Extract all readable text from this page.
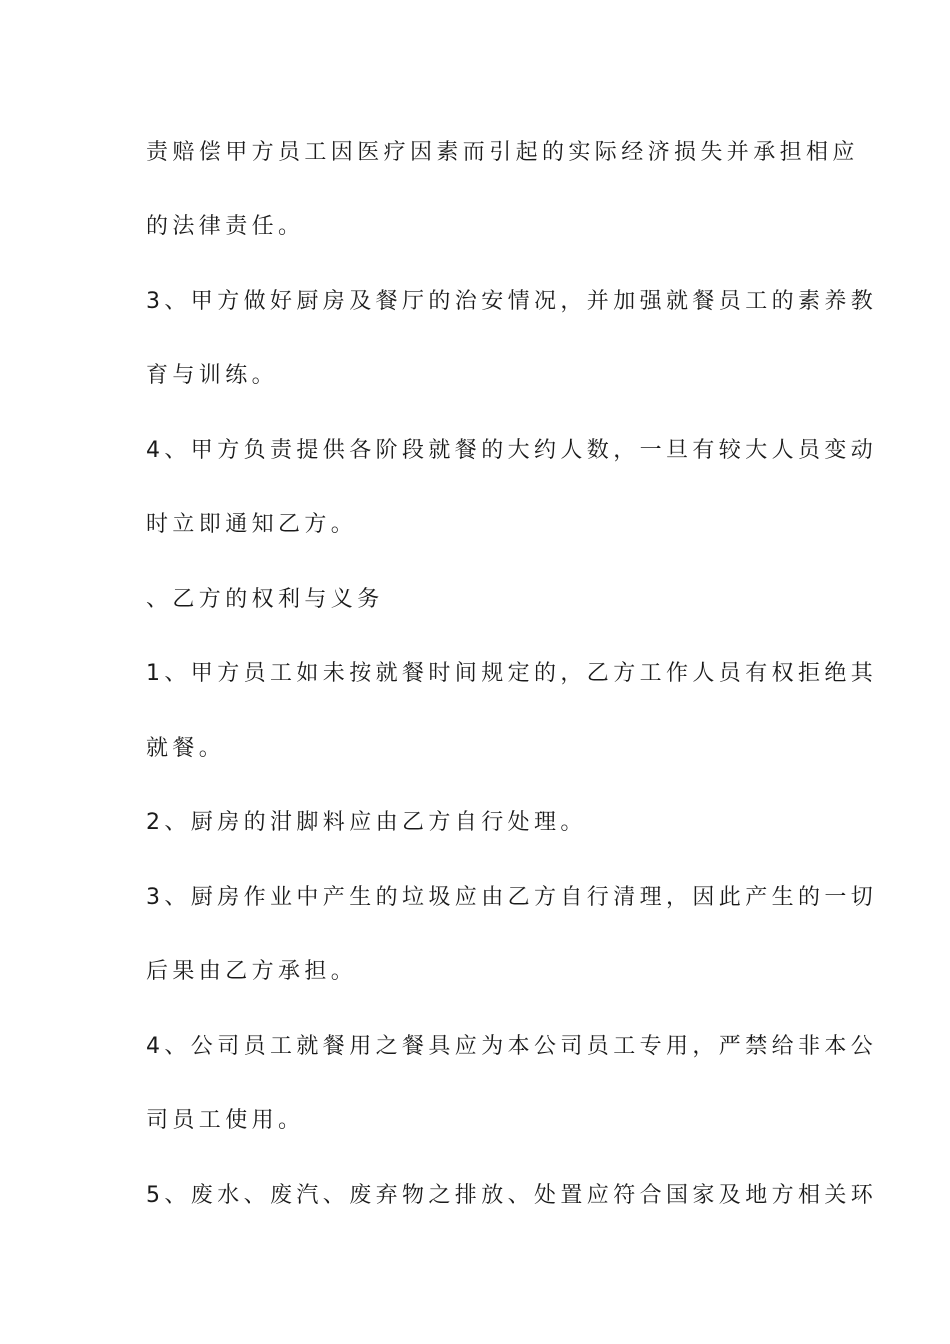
责赔偿甲方员工因医疗因素而引起的实际经济损失并承担相应
的法律责任。
3、甲方做好厨房及餐厅的治安情况，并加强就餐员工的素养教
育与训练。
4、甲方负责提供各阶段就餐的大约人数，一旦有较大人员变动
时立即通知乙方。
、乙方的权利与义务
1、甲方员工如未按就餐时间规定的，乙方工作人员有权拒绝其
就餐。
2、厨房的泔脚料应由乙方自行处理。
3、厨房作业中产生的垃圾应由乙方自行清理，因此产生的一切
后果由乙方承担。
4、公司员工就餐用之餐具应为本公司员工专用，严禁给非本公
司员工使用。
5、废水、废汽、废弃物之排放、处置应符合国家及地方相关环
